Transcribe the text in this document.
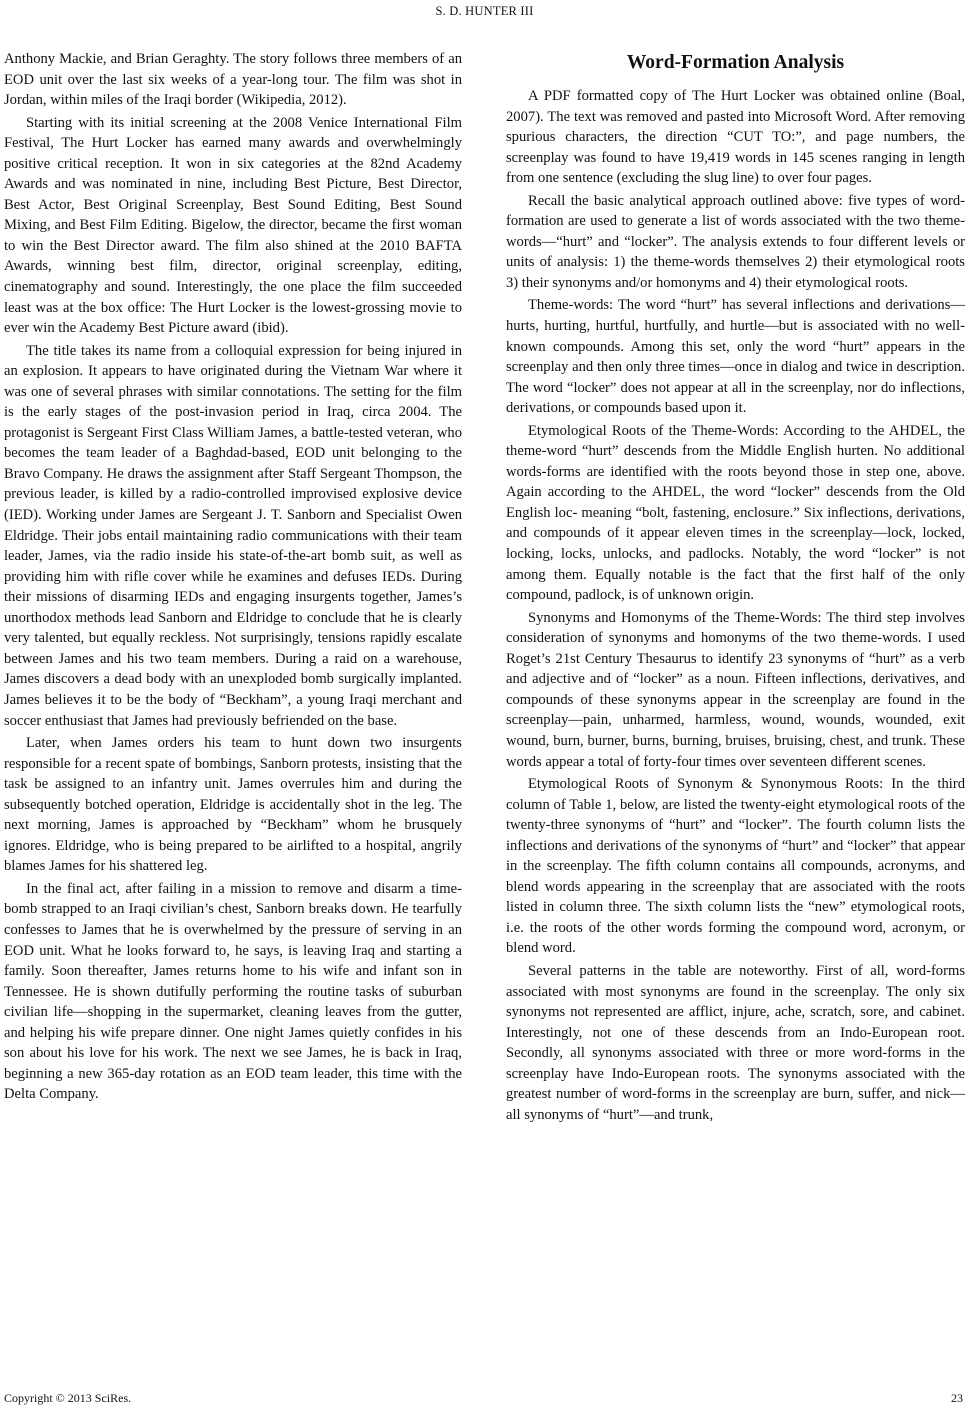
S. D. HUNTER III

Anthony Mackie, and Brian Geraghty. The story follows three members of an EOD unit over the last six weeks of a year-long tour. The film was shot in Jordan, within miles of the Iraqi border (Wikipedia, 2012).

Starting with its initial screening at the 2008 Venice International Film Festival, The Hurt Locker has earned many awards and overwhelmingly positive critical reception. It won in six categories at the 82nd Academy Awards and was nominated in nine, including Best Picture, Best Director, Best Actor, Best Original Screenplay, Best Sound Editing, Best Sound Mixing, and Best Film Editing. Bigelow, the director, became the first woman to win the Best Director award. The film also shined at the 2010 BAFTA Awards, winning best film, director, original screenplay, editing, cinematography and sound. Interestingly, the one place the film succeeded least was at the box office: The Hurt Locker is the lowest-grossing movie to ever win the Academy Best Picture award (ibid).

The title takes its name from a colloquial expression for being injured in an explosion. It appears to have originated during the Vietnam War where it was one of several phrases with similar connotations. The setting for the film is the early stages of the post-invasion period in Iraq, circa 2004. The protagonist is Sergeant First Class William James, a battle-tested veteran, who becomes the team leader of a Baghdad-based, EOD unit belonging to the Bravo Company. He draws the assignment after Staff Sergeant Thompson, the previous leader, is killed by a radio-controlled improvised explosive device (IED). Working under James are Sergeant J. T. Sanborn and Specialist Owen Eldridge. Their jobs entail maintaining radio communications with their team leader, James, via the radio inside his state-of-the-art bomb suit, as well as providing him with rifle cover while he examines and defuses IEDs. During their missions of disarming IEDs and engaging insurgents together, James’s unorthodox methods lead Sanborn and Eldridge to conclude that he is clearly very talented, but equally reckless. Not surprisingly, tensions rapidly escalate between James and his two team members. During a raid on a warehouse, James discovers a dead body with an unexploded bomb surgically implanted. James believes it to be the body of “Beckham”, a young Iraqi merchant and soccer enthusiast that James had previously befriended on the base.

Later, when James orders his team to hunt down two insurgents responsible for a recent spate of bombings, Sanborn protests, insisting that the task be assigned to an infantry unit. James overrules him and during the subsequently botched operation, Eldridge is accidentally shot in the leg. The next morning, James is approached by “Beckham” whom he brusquely ignores. Eldridge, who is being prepared to be airlifted to a hospital, angrily blames James for his shattered leg.

In the final act, after failing in a mission to remove and disarm a time-bomb strapped to an Iraqi civilian’s chest, Sanborn breaks down. He tearfully confesses to James that he is overwhelmed by the pressure of serving in an EOD unit. What he looks forward to, he says, is leaving Iraq and starting a family. Soon thereafter, James returns home to his wife and infant son in Tennessee. He is shown dutifully performing the routine tasks of suburban civilian life—shopping in the supermarket, cleaning leaves from the gutter, and helping his wife prepare dinner. One night James quietly confides in his son about his love for his work. The next we see James, he is back in Iraq, beginning a new 365-day rotation as an EOD team leader, this time with the Delta Company.

Word-Formation Analysis

A PDF formatted copy of The Hurt Locker was obtained online (Boal, 2007). The text was removed and pasted into Microsoft Word. After removing spurious characters, the direction “CUT TO:”, and page numbers, the screenplay was found to have 19,419 words in 145 scenes ranging in length from one sentence (excluding the slug line) to over four pages.

Recall the basic analytical approach outlined above: five types of word-formation are used to generate a list of words associated with the two theme-words—“hurt” and “locker”. The analysis extends to four different levels or units of analysis: 1) the theme-words themselves 2) their etymological roots 3) their synonyms and/or homonyms and 4) their etymological roots.

Theme-words: The word “hurt” has several inflections and derivations—hurts, hurting, hurtful, hurtfully, and hurtle—but is associated with no well-known compounds. Among this set, only the word “hurt” appears in the screenplay and then only three times—once in dialog and twice in description. The word “locker” does not appear at all in the screenplay, nor do inflections, derivations, or compounds based upon it.

Etymological Roots of the Theme-Words: According to the AHDEL, the theme-word “hurt” descends from the Middle English hurten. No additional words-forms are identified with the roots beyond those in step one, above. Again according to the AHDEL, the word “locker” descends from the Old English loc- meaning “bolt, fastening, enclosure.” Six inflections, derivations, and compounds of it appear eleven times in the screenplay—lock, locked, locking, locks, unlocks, and padlocks. Notably, the word “locker” is not among them. Equally notable is the fact that the first half of the only compound, padlock, is of unknown origin.

Synonyms and Homonyms of the Theme-Words: The third step involves consideration of synonyms and homonyms of the two theme-words. I used Roget’s 21st Century Thesaurus to identify 23 synonyms of “hurt” as a verb and adjective and of “locker” as a noun. Fifteen inflections, derivatives, and compounds of these synonyms appear in the screenplay are found in the screenplay—pain, unharmed, harmless, wound, wounds, wounded, exit wound, burn, burner, burns, burning, bruises, bruising, chest, and trunk. These words appear a total of forty-four times over seventeen different scenes.

Etymological Roots of Synonym & Synonymous Roots: In the third column of Table 1, below, are listed the twenty-eight etymological roots of the twenty-three synonyms of “hurt” and “locker”. The fourth column lists the inflections and derivations of the synonyms of “hurt” and “locker” that appear in the screenplay. The fifth column contains all compounds, acronyms, and blend words appearing in the screenplay that are associated with the roots listed in column three. The sixth column lists the “new” etymological roots, i.e. the roots of the other words forming the compound word, acronym, or blend word.

Several patterns in the table are noteworthy. First of all, word-forms associated with most synonyms are found in the screenplay. The only six synonyms not represented are afflict, injure, ache, scratch, sore, and cabinet. Interestingly, not one of these descends from an Indo-European root. Secondly, all synonyms associated with three or more word-forms in the screenplay have Indo-European roots. The synonyms associated with the greatest number of word-forms in the screenplay are burn, suffer, and nick—all synonyms of “hurt”—and trunk,

Copyright © 2013 SciRes.	23
